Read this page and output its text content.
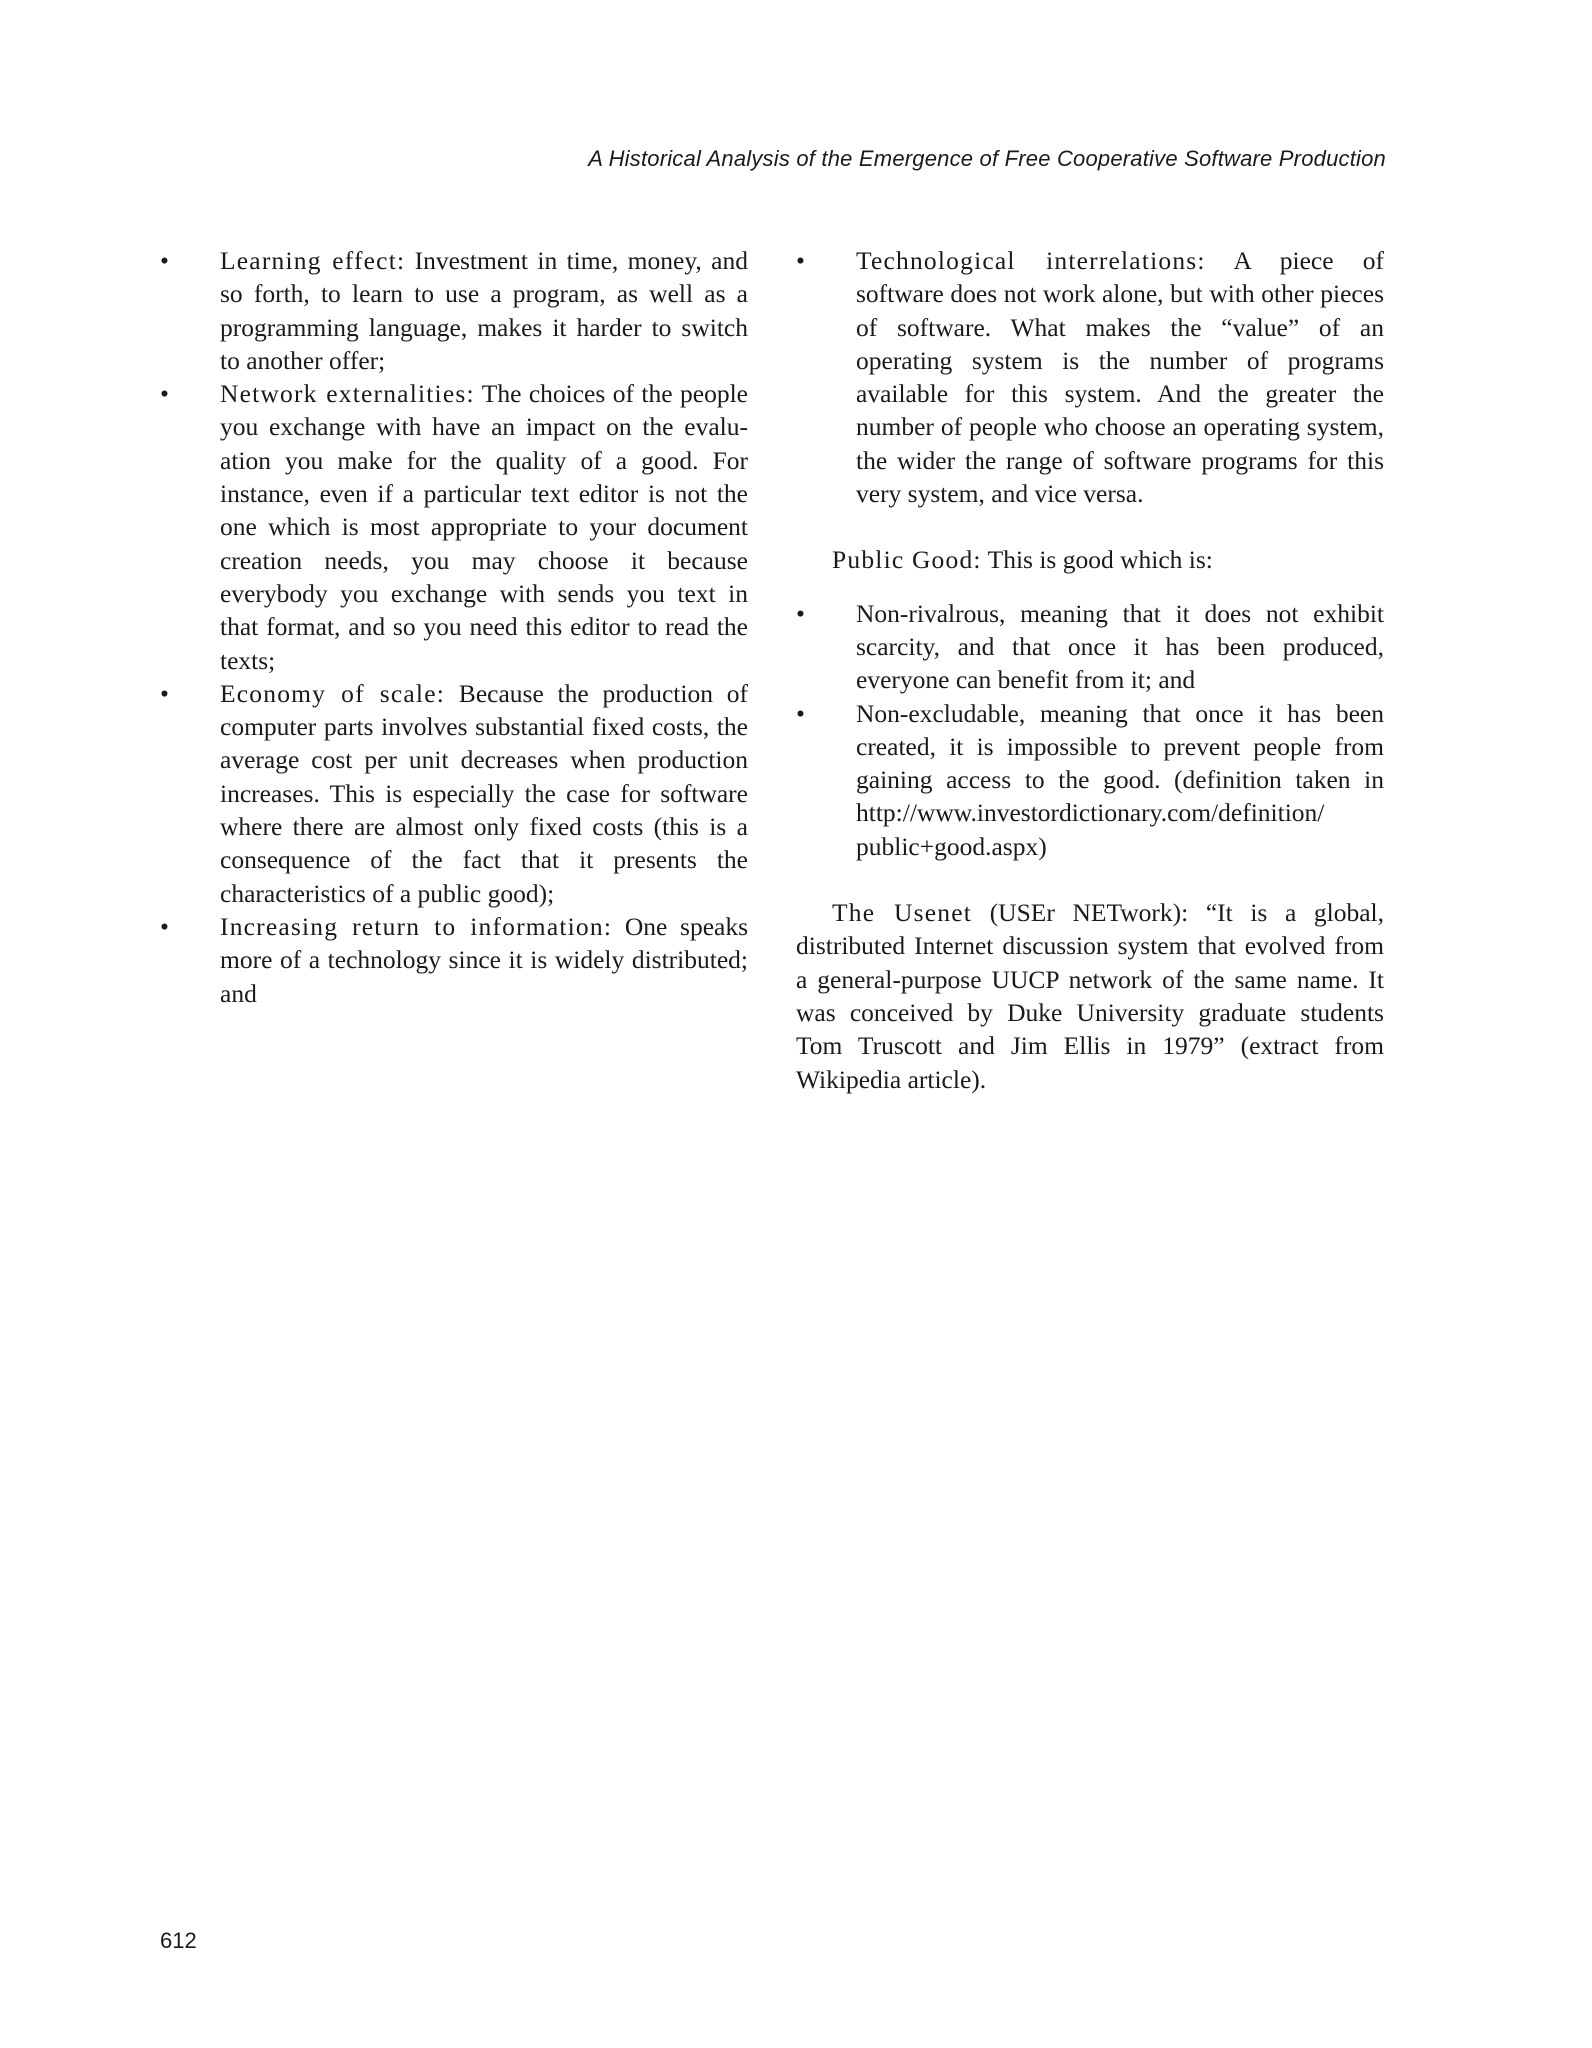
A Historical Analysis of the Emergence of Free Cooperative Software Production
• Learning effect: Investment in time, money, and so forth, to learn to use a program, as well as a programming language, makes it harder to switch to another offer;
• Network externalities: The choices of the people you exchange with have an impact on the evaluation you make for the quality of a good. For instance, even if a particular text editor is not the one which is most appropriate to your document creation needs, you may choose it because everybody you exchange with sends you text in that format, and so you need this editor to read the texts;
• Economy of scale: Because the production of computer parts involves substantial fixed costs, the average cost per unit decreases when production increases. This is especially the case for software where there are almost only fixed costs (this is a consequence of the fact that it presents the characteristics of a public good);
• Increasing return to information: One speaks more of a technology since it is widely distributed; and
• Technological interrelations: A piece of software does not work alone, but with other pieces of software. What makes the “value” of an operating system is the number of programs available for this system. And the greater the number of people who choose an operating system, the wider the range of software programs for this very system, and vice versa.

Public Good: This is good which is:

• Non-rivalrous, meaning that it does not exhibit scarcity, and that once it has been produced, everyone can benefit from it; and
• Non-excludable, meaning that once it has been created, it is impossible to prevent people from gaining access to the good. (definition taken in http://www.investordictionary.com/definition/​public+good.aspx)

The Usenet (USEr NETwork): “It is a global, distributed Internet discussion system that evolved from a general-purpose UUCP network of the same name. It was conceived by Duke University graduate students Tom Truscott and Jim Ellis in 1979” (extract from Wikipedia article).

612
